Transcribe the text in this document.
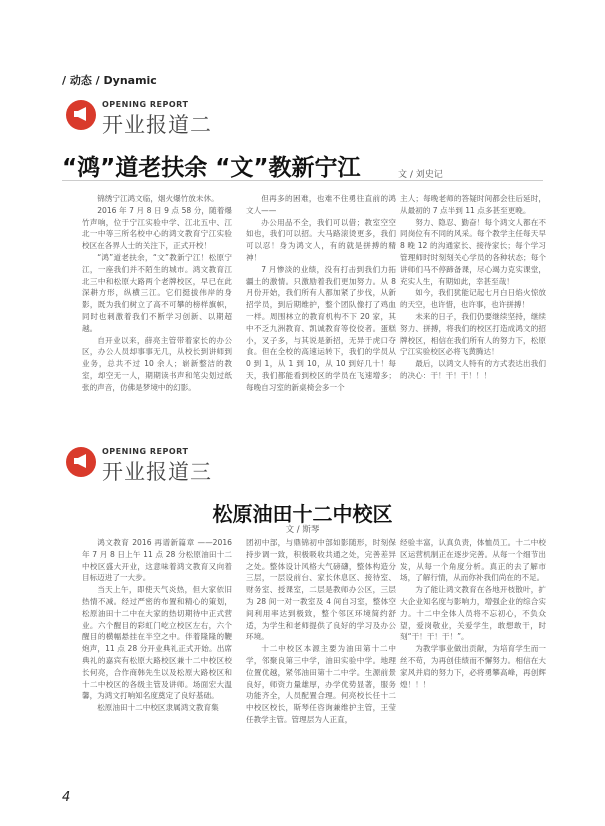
/ 动态 / Dynamic
OPENING REPORT
开业报道二
“鸿”道老扶余 “文”教新宁江	文 / 刘史记

锦绣宁江鸿文临，烟火爆竹放未休。

2016 年 7 月 8 日 9 点 58 分，随着爆竹声响，位于宁江实验中学、江北五中、江北一中等三所名校中心的鸿文教育宁江实验校区在各界人士的关注下，正式开校！

“鸿”道老扶余，“文”教新宁江！松原宁江，一座我们并不陌生的城市。鸿文教育江北三中和松原大路两个老牌校区，早已在此深耕方形，纵横三江。它们挺拔伟岸的身影，既为我们树立了高不可攀的榜样旗帜，同时也刺激着我们不断学习创新、以期超越。

自开业以来，薛亮主管带着家长的办公区，办公人员却事事无几，从校长到讲师到业务，总共不过 10 余人；崭新整洁的教室，却空无一人，期期读书声和笔尖划过纸张的声音，仿佛是梦境中的幻影。

但再多的困难，也难不住勇往直前的鸿文人——

办公用品不全，我们可以借；教室空空如也，我们可以招。大马路滚烫更多，我们可以忍！身为鸿文人，有的就是拼搏的精神！

7 月惨淡的业绩，没有打击到我们力拓疆土的激情。只激励着我们更加努力。从 8 月份开始，我们所有人都加紧了步伐，从新招学员，到后期维护，整个团队像打了鸡血一样。周围林立的教育机构不下 20 家，其中不乏九洲教育、凯诚教育等佼佼者。蛋糕小，叉子多，与其说是新招，无异于虎口夺食。但在全校的高速运转下，我们的学员从 0 到 1，从 1 到 10，从 10 到好几十！每天，我们都能看到校区的学员在飞速增多；每晚自习室的新桌椅会多一个

主人；每晚老师的答疑时间都会往后延时，从最初的 7 点半到 11 点多甚至更晚。

努力、隐忍、勤奋！每个鸿文人都在不同岗位有不同的风采。每个教学主任每天早 8 晚 12 的沟通家长、接待家长；每个学习管理师时时刻刻关心学员的各种状态；每个讲师们马不停蹄备课，尽心竭力克实课堂，充实人生，有期如此，幸甚至哉！

如今，我们犹能记起七月白日焰火惊放的天空，也许惜，也许事，也许拼搏！

未来的日子，我们仍要继续坚持，继续努力、拼搏，将我们的校区打造成鸿文的招牌校区，相信在我们所有人的努力下，松原宁江实验校区必将飞黄腾达！

最后，以鸿文人特有的方式表达出我们的决心：干！干！干！！！

OPENING REPORT
开业报道三
松原油田十二中校区
文 / 斯琴

鸿文教育 2016 再谱新篇章 ——2016 年 7 月 8 日上午 11 点 28 分松原油田十二中校区盛大开业，这意味着鸿文教育又向着目标迈进了一大步。

当天上午，即使天气炎热，但大家依旧热情不减。经过严密的布置和精心的策划，松原油田十二中在大家的热切期待中正式营业。六个醒目的彩虹门屹立校区左右，六个醒目的横幅悬挂在半空之中。伴着隆隆的鞭炮声，11 点 28 分开业典礼正式开始。出席典礼的嘉宾有松原大路校区兼十二中校区校长何亮，合作商韩先生以及松原大路校区和十二中校区的各级主管及讲师。场面宏大温馨，为鸿文打响知名度奠定了良好基础。

松原油田十二中校区隶属鸿文教育集

团初中部，与鼎锦初中部如影随形，时刻保持步调一致，积极吸收共通之处，完善差异之处。整体设计风格大气磅礴，整体构造分三层，一层设前台、家长休息区、接待室、财务室、授课室，二层是教师办公区，三层为 28 间一对一教室及 4 间自习室，整体空间利用率达到极致，整个邻区环境简约舒适，为学生和老师提供了良好的学习及办公环境。

十二中校区本源主要为油田第十二中学，邻聚良第三中学，油田实验中学。地理位置优越，紧邻油田第十二中学。生源前景良好，师资力量雄厚，办学优势显著，服务功能齐全，人员配置合理。何亮校长任十二中校区校长，斯琴任咨询兼维护主管，王莹任教学主管。管理层为人正直，

经验丰富，认真负责，体恤员工。十二中校区运营机制正在逐步完善。从每一个细节出发，从每一个角度分析。真正的去了解市场，了解行情，从而你补我们尚在的不足。

为了能让鸿文教育在各地开枝散叶，扩大企业知名度与影响力，增强企业的综合实力。十二中全体人员将不忘初心，不负众望，爱岗敬业，关爱学生，敢想敢干，时刻“干！干！干！”。

为教学事业做出贡献，为培育学生而一丝不苟，为再创佳绩而不懈努力。相信在大家风并肩的努力下，必将勇攀高峰，再创辉煌！！！

4
